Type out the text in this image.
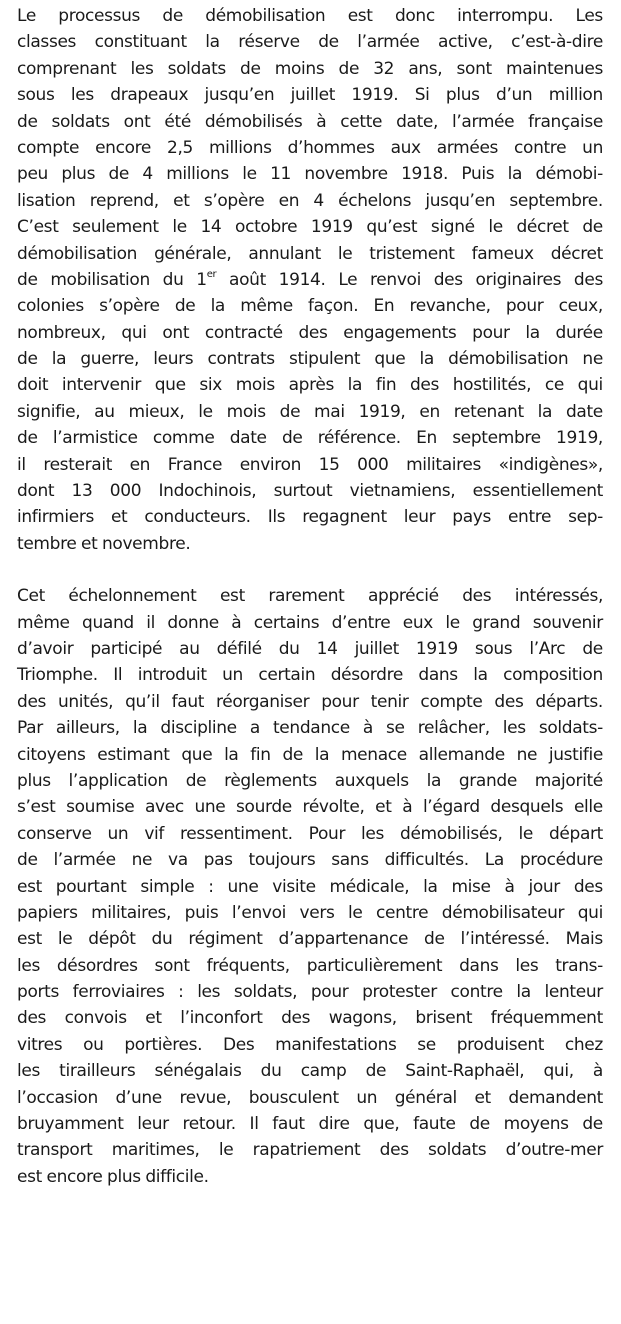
Le processus de démobilisation est donc interrompu. Les
classes constituant la réserve de l’armée active, c’est-à-dire
comprenant les soldats de moins de 32 ans, sont maintenues
sous les drapeaux jusqu’en juillet 1919. Si plus d’un million
de soldats ont été démobilisés à cette date, l’armée française
compte encore 2,5 millions d’hommes aux armées contre un
peu plus de 4 millions le 11 novembre 1918. Puis la démobi-
lisation reprend, et s’opère en 4 échelons jusqu’en septembre.
C’est seulement le 14 octobre 1919 qu’est signé le décret de
démobilisation générale, annulant le tristement fameux décret
de mobilisation du 1er août 1914. Le renvoi des originaires des
colonies s’opère de la même façon. En revanche, pour ceux,
nombreux, qui ont contracté des engagements pour la durée
de la guerre, leurs contrats stipulent que la démobilisation ne
doit intervenir que six mois après la fin des hostilités, ce qui
signifie, au mieux, le mois de mai 1919, en retenant la date
de l’armistice comme date de référence. En septembre 1919,
il resterait en France environ 15 000 militaires «indigènes»,
dont 13 000 Indochinois, surtout vietnamiens, essentiellement
infirmiers et conducteurs. Ils regagnent leur pays entre sep-
tembre et novembre.
Cet échelonnement est rarement apprécié des intéressés,
même quand il donne à certains d’entre eux le grand souvenir
d’avoir participé au défilé du 14 juillet 1919 sous l’Arc de
Triomphe. Il introduit un certain désordre dans la composition
des unités, qu’il faut réorganiser pour tenir compte des départs.
Par ailleurs, la discipline a tendance à se relâcher, les soldats-
citoyens estimant que la fin de la menace allemande ne justifie
plus l’application de règlements auxquels la grande majorité
s’est soumise avec une sourde révolte, et à l’égard desquels elle
conserve un vif ressentiment. Pour les démobilisés, le départ
de l’armée ne va pas toujours sans difficultés. La procédure
est pourtant simple : une visite médicale, la mise à jour des
papiers militaires, puis l’envoi vers le centre démobilisateur qui
est le dépôt du régiment d’appartenance de l’intéressé. Mais
les désordres sont fréquents, particulièrement dans les trans-
ports ferroviaires : les soldats, pour protester contre la lenteur
des convois et l’inconfort des wagons, brisent fréquemment
vitres ou portières. Des manifestations se produisent chez
les tirailleurs sénégalais du camp de Saint-Raphaël, qui, à
l’occasion d’une revue, bousculent un général et demandent
bruyamment leur retour. Il faut dire que, faute de moyens de
transport maritimes, le rapatriement des soldats d’outre-mer
est encore plus difficile.
